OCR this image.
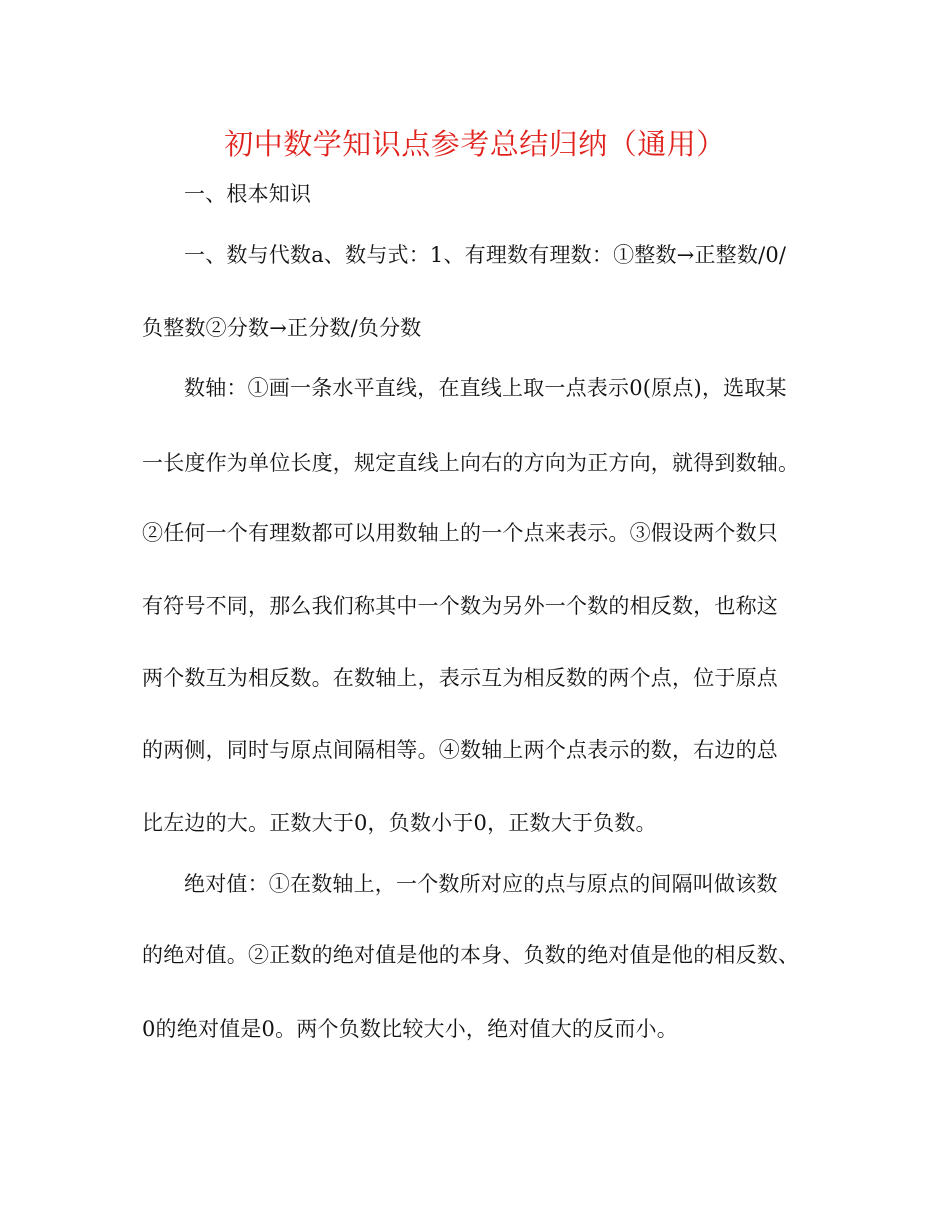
初中数学知识点参考总结归纳（通用）
一、根本知识
一、数与代数a、数与式：1、有理数有理数：①整数→正整数/0/
负整数②分数→正分数/负分数
数轴：①画一条水平直线，在直线上取一点表示0(原点)，选取某
一长度作为单位长度，规定直线上向右的方向为正方向，就得到数轴。
②任何一个有理数都可以用数轴上的一个点来表示。③假设两个数只
有符号不同，那么我们称其中一个数为另外一个数的相反数，也称这
两个数互为相反数。在数轴上，表示互为相反数的两个点，位于原点
的两侧，同时与原点间隔相等。④数轴上两个点表示的数，右边的总
比左边的大。正数大于0，负数小于0，正数大于负数。
绝对值：①在数轴上，一个数所对应的点与原点的间隔叫做该数
的绝对值。②正数的绝对值是他的本身、负数的绝对值是他的相反数、
0的绝对值是0。两个负数比较大小，绝对值大的反而小。
